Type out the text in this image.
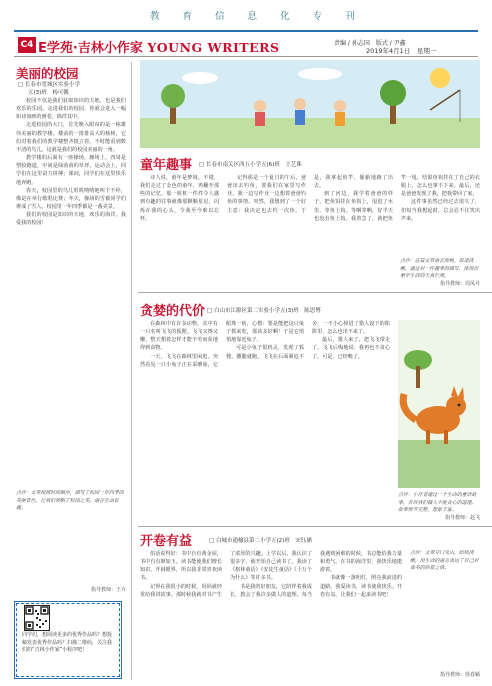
教 育 信 息 化 专 刊
C4 E学苑·吉林小作家 YOUNG WRITERS	责编 / 孙志国　版式 / 尹鑫
2019年4月1日　星期一
美丽的校园
□ 长春市宽城区实验小学
五(3)班　杨可馨

校园不仅是我们获取知识的天地，也是我们欢乐的乐园。走进我们的校园，你就会进入一幅如诗如画的画卷，徜徉其中。

走进校园的大门，首先映入眼帘的是一栋雄伟美丽的教学楼。楼前的一排排高大的杨树，它们对着我们的教学楼整齐挺立着。不时能看到数不清的鸟儿。这就是我们的校园美丽的一角。

教学楼的后面有一座操场，操场上，四周是塑胶跑道，中间是绿茵茵的草坪。运动会上，同学们在这里奋力拼搏；课间，同学们在这里快乐地奔跑。

春天，校园里的鸟儿叽叽喳喳地叫个不停，像是在举行歌唱比赛；冬天，操场的雪被同学们堆成了雪人。校园里一年四季都是一番美景。

我们的校园是知识的天地，欢乐的海洋。我爱我的校园！

点评：文章按照时间顺序，描写了校园一年四季的美丽景色，让我们领略了校园之美。语言生动有趣。
指导教师：王卉
同学们，想阅读更多的优秀作品吗？想投稿发表优秀作品吗？扫描二维码，关注我们的“吉林小作家”小程序吧！
童年趣事 □ 长春市南关区西五小学五(6)班　王艺珠

诗人说，童年是梦境。不错，我们走过了金色的童年，再翻开那些的记忆，那一桩桩一件件令人感到有趣的往事就像那颗颗星星，闪烁在我的心头，令我至今难以忘怀。

记得那是一个夏日的午后，爸爸出去钓鱼，要我们在家里写作业。我一边写作业一边想着爸爸钓鱼的事情。突然，我想到了一个好主意：我决定也去钓一次鱼。于是，我拿起鱼竿，偷偷地跑了出去。

到了河边，我学着爸爸的样子，把鱼饵挂在鱼钩上，甩进了水里，等鱼上钩。等啊等啊，好半天也没有鱼上钩。我着急了，就把鱼竿一甩，结果鱼钩挂在了自己的衣服上，怎么也拿不下来。最后，还是爸爸发现了我，把我带回了家。

这件事虽然已经过去很久了，但每当我想起时，总会忍不住笑出声来。

点评：这篇文章语言流畅，叙述清晰，通过对一件趣事的描写，体现出童年生活的天真烂漫。
指导教师：周凤丹
贪婪的代价 □ 白山市江源区第二实验小学五(3)班　陈思博

在森林中有许多动物，其中有一只名叫飞飞的狐狸。飞飞又馋又懒，整天想着怎样才能不劳而获地得到食物。

一天，飞飞在森林里闲逛，突然看见一只小兔子正在采蘑菇，它眼珠一转，心想：要是能把这只兔子抓来吃，那该多好啊！于是它悄悄地靠近兔子。

可是小兔子很机灵，发现了狐狸，撒腿就跑。飞飞在后面紧追不舍，一不小心掉进了猎人设下的陷阱里，怎么也出不来了。

最后，猎人来了，把飞飞带走了。飞飞后悔地说：我再也不贪心了。可是，已经晚了。

点评：小作者通过一个生动的童话故事，告诉我们做人不能贪心的道理。故事情节完整，想象丰富。
指导教师：赵飞
开卷有益	□ 白城市通榆县第二小学五(2)班　宋钰涵

俗话说得好：书中自有黄金屋，书中自有颜如玉。读书能使我们增长知识，开阔眼界，所以我非常喜欢读书。

记得在我很小的时候，妈妈就经常给我讲故事。那时候我就对书产生了浓厚的兴趣。上学以后，我认识了很多字，就开始自己读书了。我读了《格林童话》《安徒生童话》《十万个为什么》等许多书。

书是我的好朋友，它陪伴着我成长，教会了我许多做人的道理。每当我遇到困难的时候，书总能给我力量和勇气。在书的海洋里，我快乐地遨游着。

书就像一盏明灯，照亮我前进的道路。我爱读书，读书使我快乐。开卷有益，让我们一起来读书吧！

点评：文章开门见山，结构清晰，用生动的语言表达了自己对读书的热爱之情。
指导教师：徐春颖
